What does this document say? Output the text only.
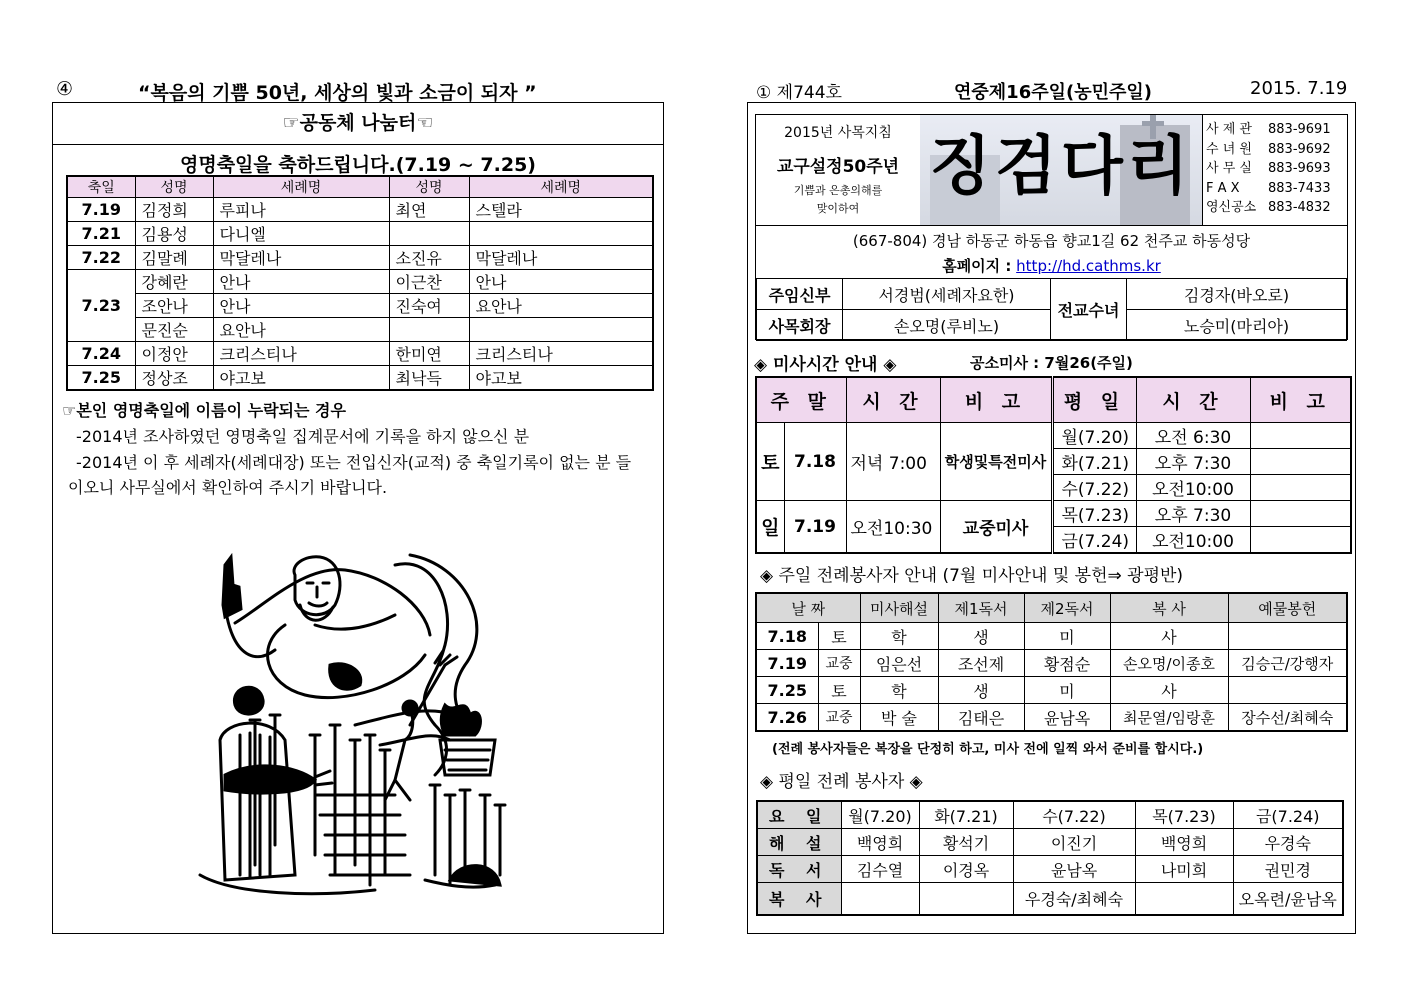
④	“복음의 기쁨 50년, 세상의 빛과 소금이 되자 ”
☞공동체 나눔터☜
영명축일을 축하드립니다.(7.19 ~ 7.25)
축일	성명	세례명	성명	세례명
7.19	김정희	루피나	최연	스텔라
7.21	김용성	다니엘		
7.22	김말례	막달레나	소진유	막달레나
7.23	강혜란	안나	이근찬	안나
	조안나	안나	진숙여	요안나
	문진순	요안나		
7.24	이정안	크리스티나	한미연	크리스티나
7.25	정상조	야고보	최낙득	야고보
☞본인 영명축일에 이름이 누락되는 경우
-2014년 조사하였던 영명축일 집계문서에 기록을 하지 않으신 분
-2014년 이 후 세례자(세례대장) 또는 전입신자(교적) 중 축일기록이 없는 분 들
이오니 사무실에서 확인하여 주시기 바랍니다.
① 제744호	연중제16주일(농민주일)	2015. 7.19
2015년 사목지침
교구설정50주년
기쁨과 은총의해를
맞이하여
징검다리	사 제 관 883-9691
수 녀 원 883-9692
사 무 실 883-9693
F A X 883-7433
영신공소 883-4832
(667-804) 경남 하동군 하동읍 향교1길 62 천주교 하동성당
홈페이지 : http://hd.cathms.kr
주임신부	서경범(세례자요한)	전교수녀	김경자(바오로)
사목회장	손오명(루비노)		노승미(마리아)
◈ 미사시간 안내 ◈	공소미사 : 7월26(주일)
주 말		시 간	비 고	평 일	시 간	비 고
토	7.18	저녁 7:00	학생및특전미사	월(7.20)	오전 6:30	
				화(7.21)	오후 7:30	
				수(7.22)	오전10:00	
일	7.19	오전10:30	교중미사	목(7.23)	오후 7:30	
				금(7.24)	오전10:00	
◈ 주일 전례봉사자 안내 (7월 미사안내 및 봉헌⇒ 광평반)
날 짜		미사해설	제1독서	제2독서	복 사	예물봉헌
7.18	토	학	생	미	사	
7.19	교중	임은선	조선제	황점순	손오명/이종호	김승근/강행자
7.25	토	학	생	미	사	
7.26	교중	박 술	김태은	윤남옥	최문열/임랑훈	장수선/최혜숙
(전례 봉사자들은 복장을 단정히 하고, 미사 전에 일찍 와서 준비를 합시다.)
◈ 평일 전례 봉사자 ◈
요 일	월(7.20)	화(7.21)	수(7.22)	목(7.23)	금(7.24)
해 설	백영희	황석기	이진기	백영희	우경숙
독 서	김수열	이경옥	윤남옥	나미희	권민경
복 사			우경숙/최혜숙		오옥련/윤남옥
